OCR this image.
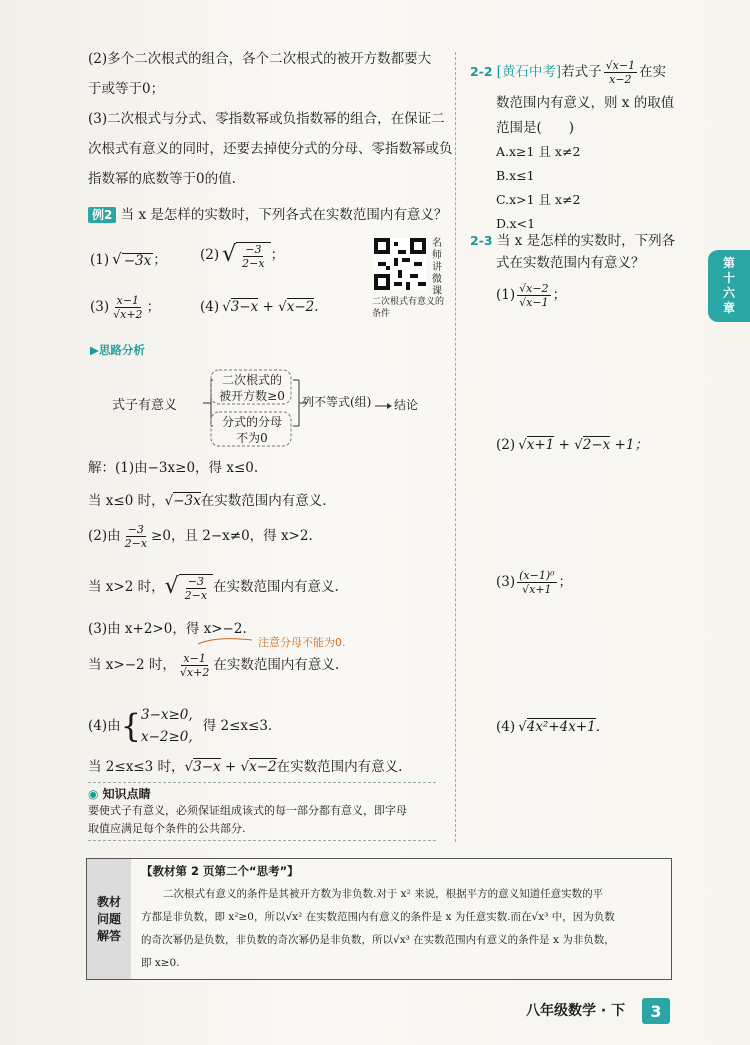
(2)多个二次根式的组合，各个二次根式的被开方数都要大
于或等于0；
(3)二次根式与分式、零指数幂或负指数幂的组合，在保证二
次根式有意义的同时，还要去掉使分式的分母、零指数幂或负
指数幂的底数等于0的值.
例2 当 x 是怎样的实数时，下列各式在实数范围内有意义？
(1) √ −3x ； (2) √ $\frac{-3}{2-x}$ ；
$(3) \frac{x-1}{√x+2}$ ；	(4) √3−x + √x−2.
名师讲微课
二次根式有意义的条件
▶思路分析
式子有意义
二次根式的
被开方数≥0
分式的分母
不为0
列不等式(组) 结论
解：(1)由−3x≥0，得 x≤0.
当 x≤0 时， √−3x 在实数范围内有意义.
(2)由 $\frac{-3}{2-x} \ge 0$，且 2−x≠0，得 x>2.
当 x>2 时， √ $\frac{-3}{2-x}$ 在实数范围内有意义.
(3)由 x+2>0，得 x>−2.
注意分母不能为0.
当 x>−2 时， $\frac{x-1}{√x+2}$ 在实数范围内有意义.
(4)由 { 3−x≥0,
x−2≥0,
得 2≤x≤3.
当 2≤x≤3 时， √3−x + √x−2 在实数范围内有意义.
◉ 知识点睛
要使式子有意义，必须保证组成该式的每一部分都有意义，即字母
取值应满足每个条件的公共部分.
2-2 [黄石中考] 若式子 $\frac{√x-1}{x-2}$ 在实
数范围内有意义，则 x 的取值
范围是(　　)
A.x≥1 且 x≠2
B.x≤1
C.x>1 且 x≠2
D.x<1
2-3 当 x 是怎样的实数时，下列各
式在实数范围内有意义？
$(1) \frac{√x-2}{√x-1}$ ；
(2) √x+1 + √2−x +1；
$(3) \frac{\text{(x−1)⁰}}{√x+1}$ ；
(4) √4x²+4x+1.
第
十
六
章
教材
问题
解答
【教材第 2 页第二个“思考”】
二次根式有意义的条件是其被开方数为非负数.对于 x² 来说，根据平方的意义知道任意实数的平
方都是非负数，即 x²≥0，所以√x² 在实数范围内有意义的条件是 x 为任意实数.而在√x³ 中，因为负数
的奇次幂仍是负数，非负数的奇次幂仍是非负数，所以√x³ 在实数范围内有意义的条件是 x 为非负数，
即 x≥0.
八年级数学 · 下	3
